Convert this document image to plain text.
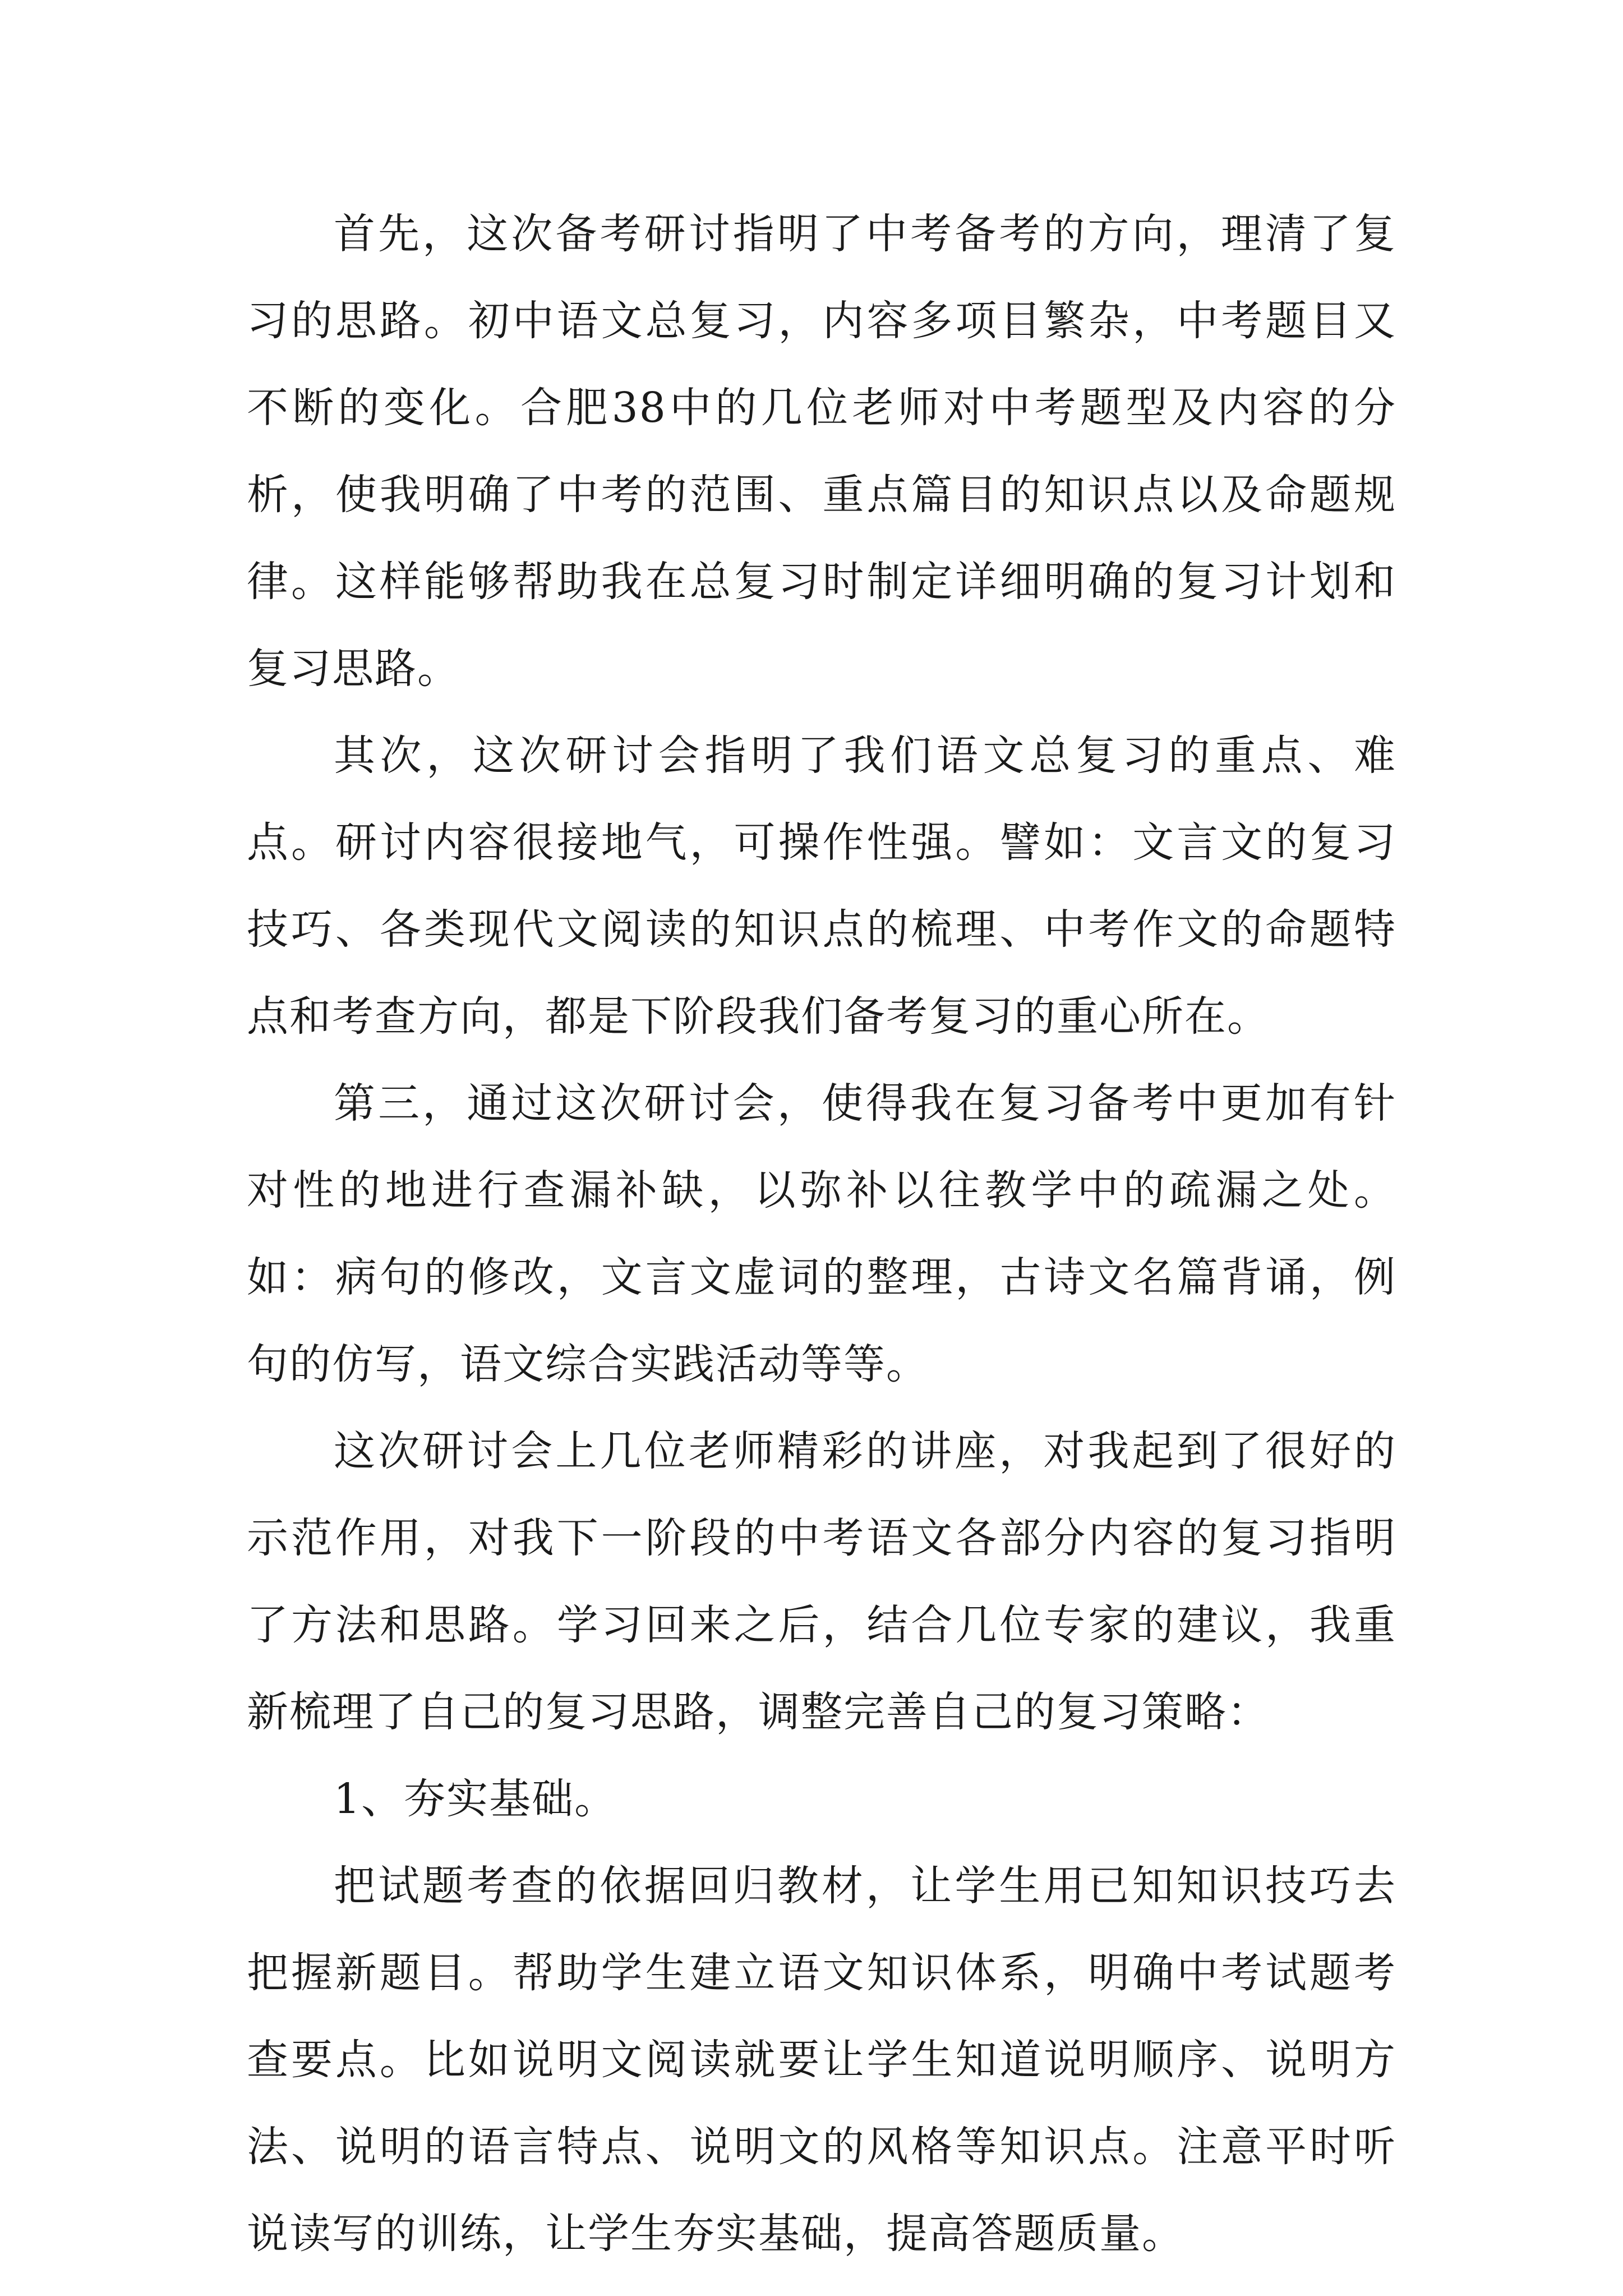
首先，这次备考研讨指明了中考备考的方向，理清了复习的思路。初中语文总复习，内容多项目繁杂，中考题目又不断的变化。合肥38中的几位老师对中考题型及内容的分析，使我明确了中考的范围、重点篇目的知识点以及命题规律。这样能够帮助我在总复习时制定详细明确的复习计划和复习思路。

其次，这次研讨会指明了我们语文总复习的重点、难点。研讨内容很接地气，可操作性强。譬如：文言文的复习技巧、各类现代文阅读的知识点的梳理、中考作文的命题特点和考查方向，都是下阶段我们备考复习的重心所在。

第三，通过这次研讨会，使得我在复习备考中更加有针对性的地进行查漏补缺，以弥补以往教学中的疏漏之处。如：病句的修改，文言文虚词的整理，古诗文名篇背诵，例句的仿写，语文综合实践活动等等。

这次研讨会上几位老师精彩的讲座，对我起到了很好的示范作用，对我下一阶段的中考语文各部分内容的复习指明了方法和思路。学习回来之后，结合几位专家的建议，我重新梳理了自己的复习思路，调整完善自己的复习策略：

1、夯实基础。

把试题考查的依据回归教材，让学生用已知知识技巧去把握新题目。帮助学生建立语文知识体系，明确中考试题考查要点。比如说明文阅读就要让学生知道说明顺序、说明方法、说明的语言特点、说明文的风格等知识点。注意平时听说读写的训练，让学生夯实基础，提高答题质量。
